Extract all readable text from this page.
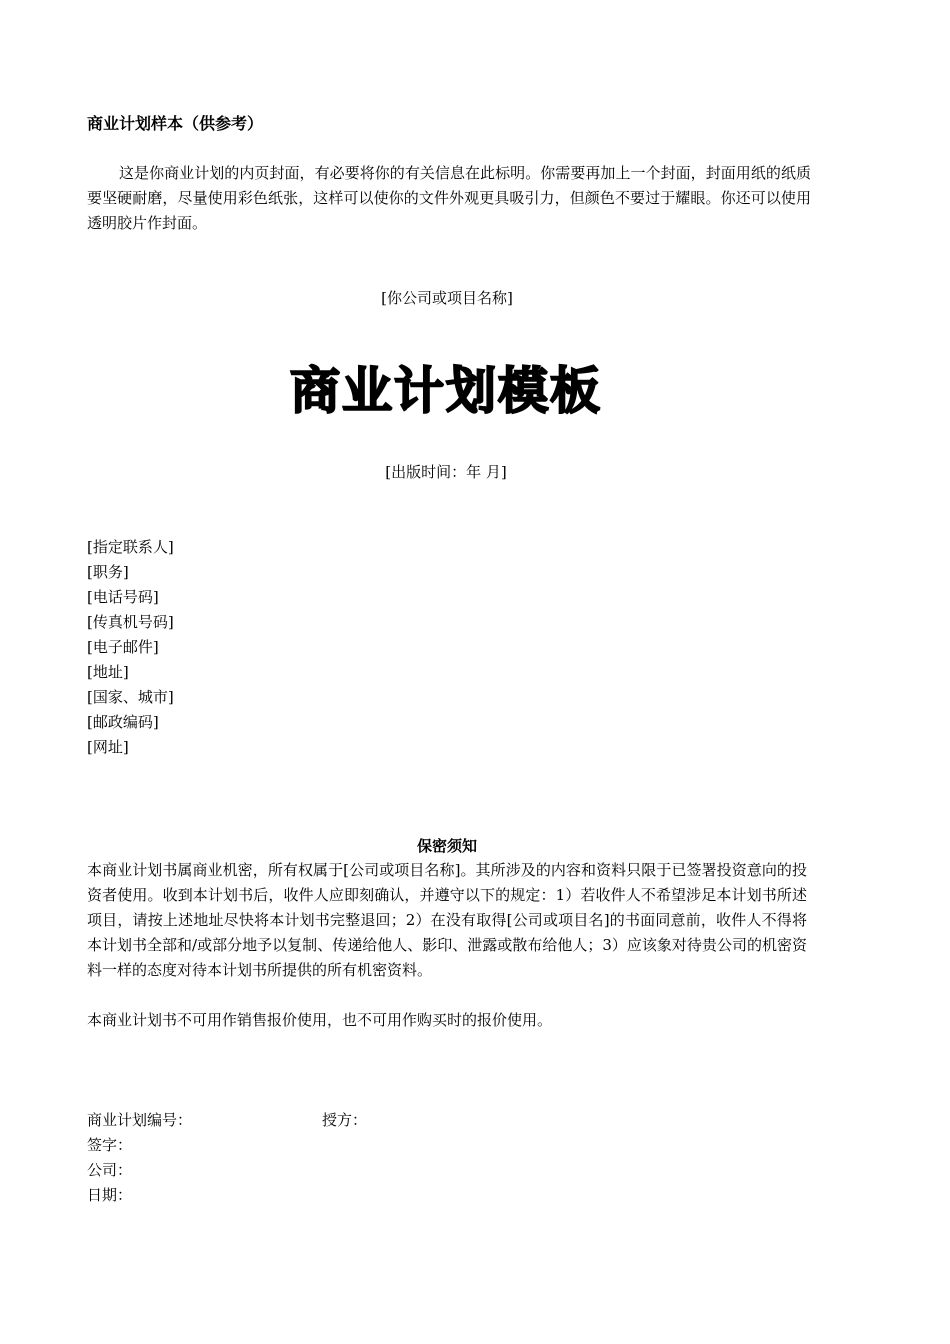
商业计划样本（供参考）
这是你商业计划的内页封面，有必要将你的有关信息在此标明。你需要再加上一个封面，封面用纸的纸质要坚硬耐磨，尽量使用彩色纸张，这样可以使你的文件外观更具吸引力，但颜色不要过于耀眼。你还可以使用透明胶片作封面。
[你公司或项目名称]
商业计划模板
[出版时间：年 月]
[指定联系人]
[职务]
[电话号码]
[传真机号码]
[电子邮件]
[地址]
[国家、城市]
[邮政编码]
[网址]
保密须知
本商业计划书属商业机密，所有权属于[公司或项目名称]。其所涉及的内容和资料只限于已签署投资意向的投资者使用。收到本计划书后，收件人应即刻确认，并遵守以下的规定：1）若收件人不希望涉足本计划书所述项目，请按上述地址尽快将本计划书完整退回；2）在没有取得[公司或项目名]的书面同意前，收件人不得将本计划书全部和/或部分地予以复制、传递给他人、影印、泄露或散布给他人；3）应该象对待贵公司的机密资料一样的态度对待本计划书所提供的所有机密资料。
本商业计划书不可用作销售报价使用，也不可用作购买时的报价使用。
商业计划编号：
签字：
公司：
日期：
授方：
